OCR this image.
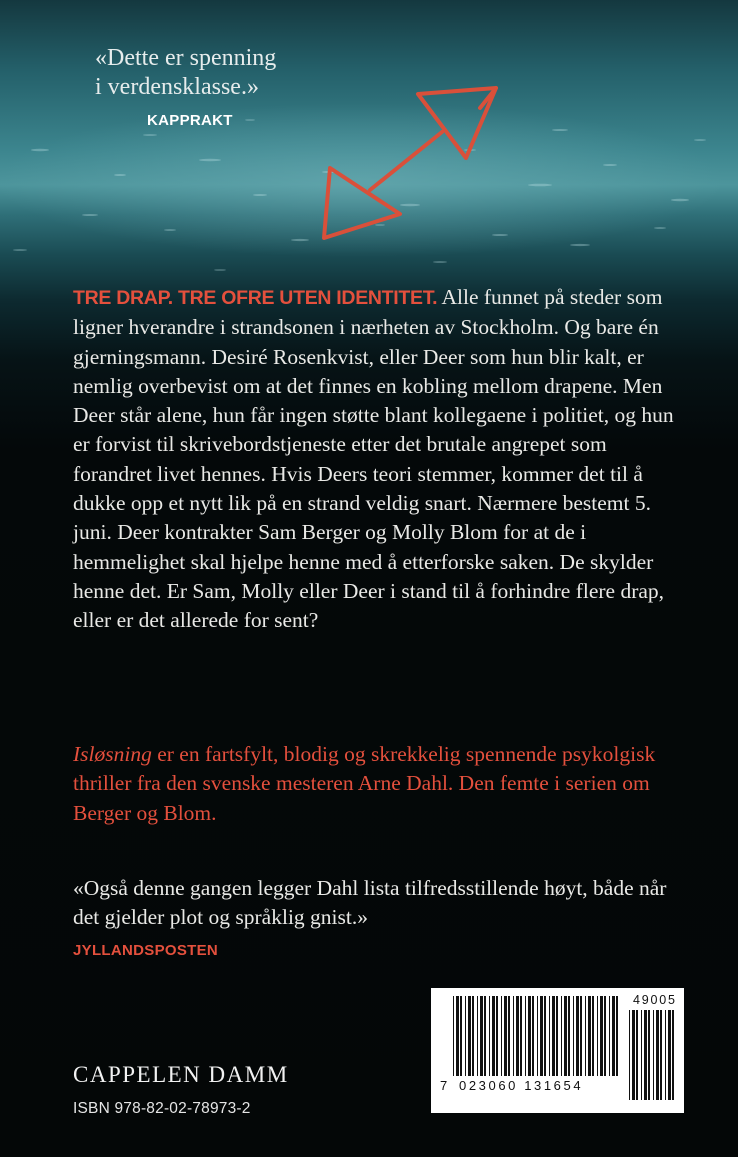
«Dette er spenning
i verdensklasse.»
KAPPRAKT

TRE DRAP. TRE OFRE UTEN IDENTITET. Alle funnet på steder som ligner hverandre i strandsonen i nærheten av Stockholm. Og bare én gjerningsmann. Desiré Rosenkvist, eller Deer som hun blir kalt, er nemlig overbevist om at det finnes en kobling mellom drapene. Men Deer står alene, hun får ingen støtte blant kollegaene i politiet, og hun er forvist til skrivebordstjeneste etter det brutale angrepet som forandret livet hennes. Hvis Deers teori stemmer, kommer det til å dukke opp et nytt lik på en strand veldig snart. Nærmere bestemt 5. juni. Deer kontrakter Sam Berger og Molly Blom for at de i hemmelighet skal hjelpe henne med å etterforske saken. De skylder henne det. Er Sam, Molly eller Deer i stand til å forhindre flere drap, eller er det allerede for sent?

Isløsning er en fartsfylt, blodig og skrekkelig spennende psykolgisk thriller fra den svenske mesteren Arne Dahl. Den femte i serien om Berger og Blom.

«Også denne gangen legger Dahl lista tilfredsstillende høyt, både når det gjelder plot og språklig gnist.»
JYLLANDSPOSTEN
CAPPELEN DAMM
ISBN 978-82-02-78973-2
7 023060 131654
49005
